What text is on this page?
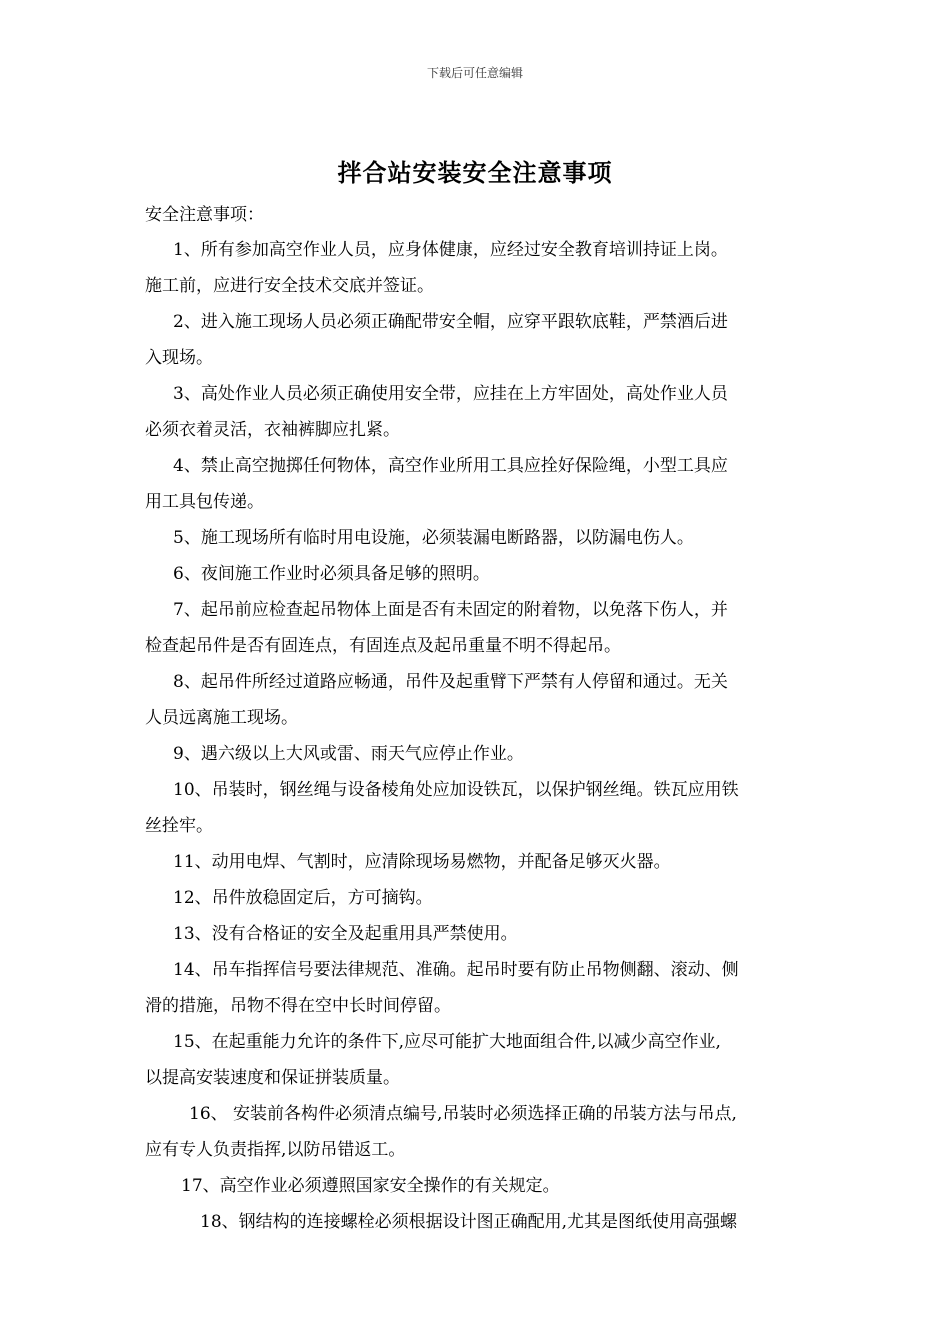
下载后可任意编辑
拌合站安装安全注意事项
安全注意事项：

1、所有参加高空作业人员，应身体健康，应经过安全教育培训持证上岗。
施工前，应进行安全技术交底并签证。

2、进入施工现场人员必须正确配带安全帽，应穿平跟软底鞋，严禁酒后进
入现场。

3、高处作业人员必须正确使用安全带，应挂在上方牢固处，高处作业人员
必须衣着灵活，衣袖裤脚应扎紧。

4、禁止高空抛掷任何物体，高空作业所用工具应拴好保险绳，小型工具应
用工具包传递。

5、施工现场所有临时用电设施，必须装漏电断路器，以防漏电伤人。

6、夜间施工作业时必须具备足够的照明。

7、起吊前应检查起吊物体上面是否有未固定的附着物，以免落下伤人，并
检查起吊件是否有固连点，有固连点及起吊重量不明不得起吊。

8、起吊件所经过道路应畅通，吊件及起重臂下严禁有人停留和通过。无关
人员远离施工现场。

9、遇六级以上大风或雷、雨天气应停止作业。

10、吊装时，钢丝绳与设备棱角处应加设铁瓦，以保护钢丝绳。铁瓦应用铁
丝拴牢。

11、动用电焊、气割时，应清除现场易燃物，并配备足够灭火器。

12、吊件放稳固定后，方可摘钩。

13、没有合格证的安全及起重用具严禁使用。

14、吊车指挥信号要法律规范、准确。起吊时要有防止吊物侧翻、滚动、侧
滑的措施，吊物不得在空中长时间停留。

15、在起重能力允许的条件下,应尽可能扩大地面组合件,以减少高空作业,
以提高安装速度和保证拼装质量。

16、 安装前各构件必须清点编号,吊装时必须选择正确的吊装方法与吊点,
应有专人负责指挥,以防吊错返工。

17、高空作业必须遵照国家安全操作的有关规定。

18、钢结构的连接螺栓必须根据设计图正确配用,尤其是图纸使用高强螺
